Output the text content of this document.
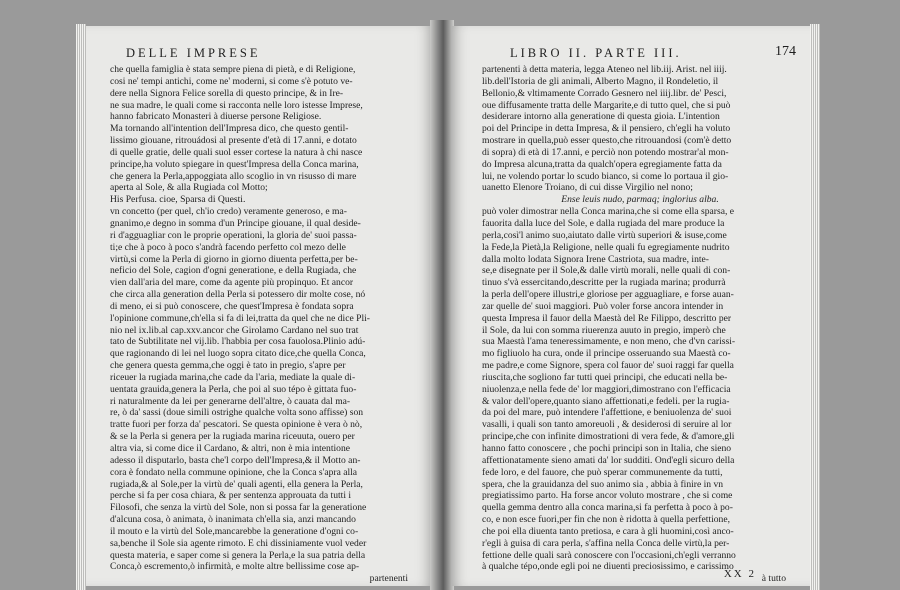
DELLE IMPRESE
che quella famiglia è stata sempre piena di pietà, e di Religione,
cosi ne' tempi antichi, come ne' moderni, si come s'è potuto ve-
dere nella Signora Felice sorella di questo principe, & in Ire-
ne sua madre, le quali come si racconta nelle loro istesse Imprese,
hanno fabricato Monasteri à diuerse persone Religiose.
Ma tornando all'intention dell'Impresa dico, che questo gentil-
lissimo giouane, ritrouádosi al presente d'età di 17.anni, e dotato
di quelle gratie, delle quali suol esser cortese la natura à chi nasce
principe,ha voluto spiegare in quest'Impresa della Conca marina,
che genera la Perla,appoggiata allo scoglio in vn risusso di mare
aperta al Sole, & alla Rugiada col Motto;
His Perfusa. cioe, Sparsa di Questi.
vn concetto (per quel, ch'io credo) veramente generoso, e ma-
gnanimo,e degno in somma d'un Principe giouane, il qual deside-
ri d'agguagliar con le proprie operationi, la gloria de' suoi passa-
ti;e che à poco à poco s'andrà facendo perfetto col mezo delle
virtù,si come la Perla di giorno in giorno diuenta perfetta,per be-
neficio del Sole, cagion d'ogni generatione, e della Rugiada, che
vien dall'aria del mare, come da agente più propinquo. Et ancor
che circa alla generation della Perla si potessero dir molte cose, nó
di meno, ei si può conoscere, che quest'Impresa è fondata sopra
l'opinione commune,ch'ella si fa di lei,tratta da quel che ne dice Pli-
nio nel ix.lib.al cap.xxv.ancor che Girolamo Cardano nel suo trat
tato de Subtilitate nel vij.lib. l'habbia per cosa fauolosa.Plinio adú-
que ragionando di lei nel luogo sopra citato dice,che quella Conca,
che genera questa gemma,che oggi è tato in pregio, s'apre per
riceuer la rugiada marina,che cade da l'aria, mediate la quale di-
uentata grauida,genera la Perla, che poi al suo tépo è gittata fuo-
ri naturalmente da lei per generarne dell'altre, ò cauata dal ma-
re, ò da' sassi (doue simili ostrighe qualche volta sono affisse) son
tratte fuori per forza da' pescatori. Se questa opinione è vera ò nò,
& se la Perla si genera per la rugiada marina riceuuta, ouero per
altra via, si come dice il Cardano, & altri, non è mia intentione
adesso il disputarlo, basta che'l corpo dell'Impresa,& il Motto an-
cora è fondato nella commune opinione, che la Conca s'apra alla
rugiada,& al Sole,per la virtù de' quali agenti, ella genera la Perla,
perche si fa per cosa chiara, & per sentenza approuata da tutti i
Filosofi, che senza la virtù del Sole, non si possa far la generatione
d'alcuna cosa, ò animata, ò inanimata ch'ella sia, anzi mancando
il mouto e la virtù del Sole,mancarebbe la generatione d'ogni co-
sa,benche il Sole sia agente rimoto. E chi dissiniamente vuol veder
questa materia, e saper come si genera la Perla,e la sua patria della
Conca,ò escremento,ò infirmità, e molte altre bellissime cose ap-
partenenti
LIBRO II. PARTE III.	174
partenenti à detta materia, legga Ateneo nel lib.iij. Arist. nel iiij.
lib.dell'Istoria de gli animali, Alberto Magno, il Rondeletio, il
Bellonio,& vltimamente Corrado Gesnero nel iiij.libr. de' Pesci,
oue diffusamente tratta delle Margarite,e di tutto quel, che si può
desiderare intorno alla generatione di questa gioia. L'intention
poi del Principe in detta Impresa, & il pensiero, ch'egli ha voluto
mostrare in quella,può esser questo,che ritrouandosi (com'è detto
di sopra) di età di 17.anni, e perciò non potendo mostrar'al mon-
do Impresa alcuna,tratta da qualch'opera egregiamente fatta da
lui, ne volendo portar lo scudo bianco, si come lo portaua il gio-
uanetto Elenore Troiano, di cui disse Virgilio nel nono;
Ense leuis nudo, parmaq; inglorius alba.
può voler dimostrar nella Conca marina,che si come ella sparsa, e
fauorita dalla luce del Sole, e dalla rugiada del mare produce la
perla,così'l animo suo,aiutato dalle virtù superiori & isuse,come
la Fede,la Pietà,la Religione, nelle quali fu egregiamente nudrito
dalla molto lodata Signora Irene Castriota, sua madre, inte-
se,e disegnate per il Sole,& dalle virtù morali, nelle quali di con-
tinuo s'và essercitando,descritte per la rugiada marina; produrrà
la perla dell'opere illustri,e gloriose per agguagliare, e forse auan-
zar quelle de' suoi maggiori. Può voler forse ancora intender in
questa Impresa il fauor della Maestà del Re Filippo, descritto per
il Sole, da lui con somma riuerenza auuto in pregio, imperò che
sua Maestà l'ama teneressimamente, e non meno, che d'vn carissi-
mo figliuolo ha cura, onde il principe osseruando sua Maestà co-
me padre,e come Signore, spera col fauor de' suoi raggi far quella
riuscita,che sogliono far tutti quei principi, che educati nella be-
niuolenza,e nella fede de' lor maggiori,dimostrano con l'efficacia
& valor dell'opere,quanto siano affettionati,e fedeli. per la rugia-
da poi del mare, può intendere l'affettione, e beniuolenza de' suoi
vasalli, i quali son tanto amoreuoli , & desiderosi di seruire al lor
principe,che con infinite dimostrationi di vera fede, & d'amore,gli
hanno fatto conoscere , che pochi principi son in Italia, che sieno
affettionatamente sieno amati da' lor sudditi. Ond'egli sicuro della
fede loro, e del fauore, che può sperar communemente da tutti,
spera, che la grauidanza del suo animo sia , abbia à finire in vn
pregiatissimo parto. Ha forse ancor voluto mostrare , che si come
quella gemma dentro alla conca marina,si fa perfetta à poco à po-
co, e non esce fuori,per fin che non è ridotta à quella perfettione,
che poi ella diuenta tanto pretiosa, e cara à gli huomini,così anco-
r'egli à guisa di cara perla, s'affina nella Conca delle virtù,la per-
fettione delle quali sarà conoscere con l'occasioni,ch'egli verranno
à qualche tépo,onde egli poi ne diuenti preciosissimo, e carissimo
à tutto
XX 2
